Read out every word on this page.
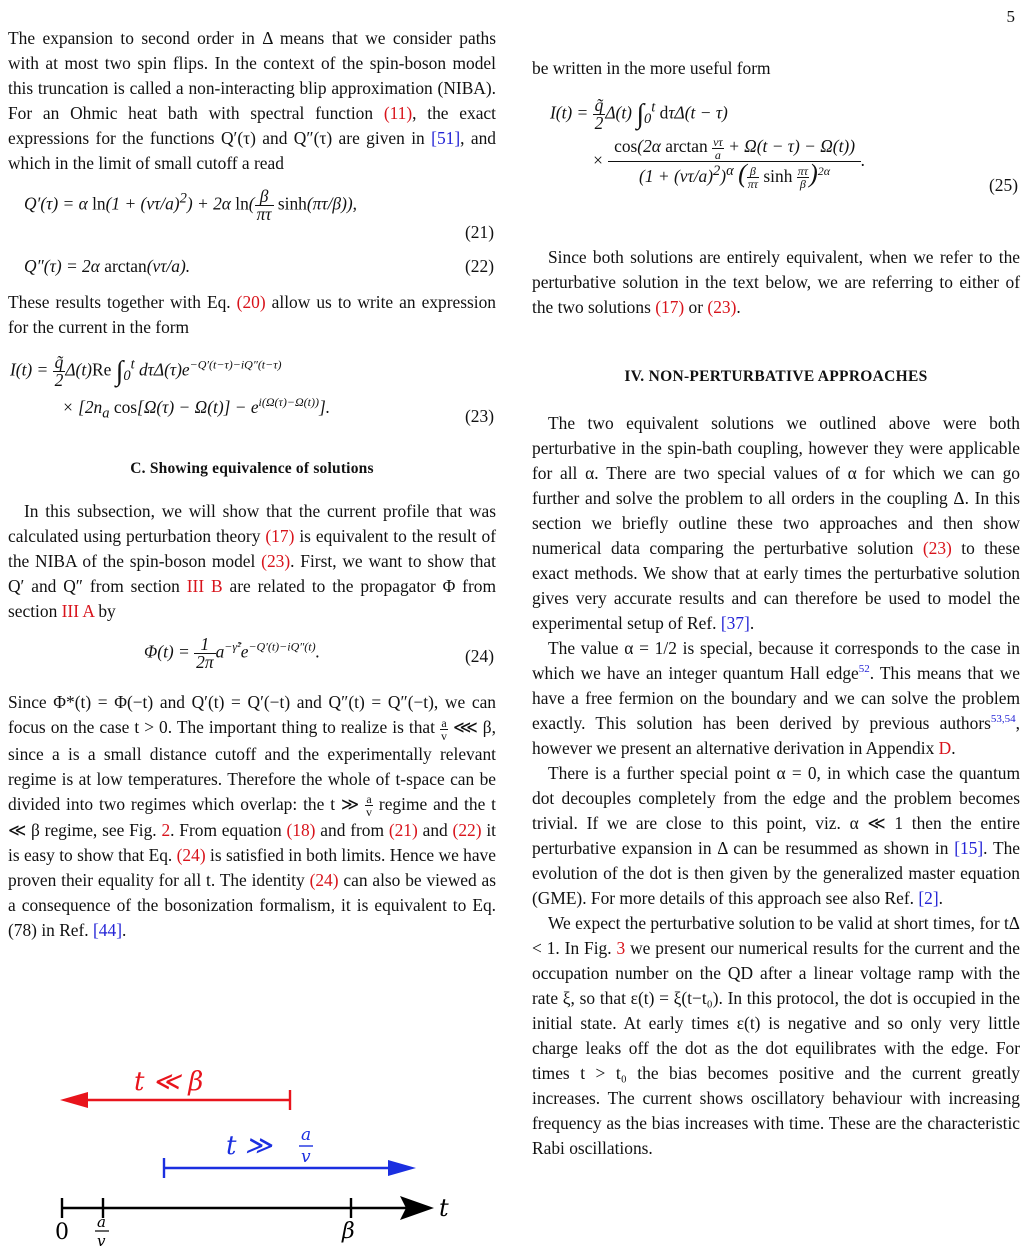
5

The expansion to second order in Δ means that we consider paths with at most two spin flips. In the context of the spin-boson model this truncation is called a non-interacting blip approximation (NIBA). For an Ohmic heat bath with spectral function (11), the exact expressions for the functions Q′(τ) and Q″(τ) are given in [51], and which in the limit of small cutoff a read

Q′(τ) = α $\ln(1 + (v\tau/a)^2) + 2\alpha$ $\ln( \frac{\beta}{\pi\tau} \sinh(\pi\tau/\beta))$,
(21)
Q″(τ) = 2α arctan(vτ/a).	(22)

These results together with Eq. (20) allow us to write an expression for the current in the form

$I(t) = \frac{q̃}{2} \Delta(t)Re$ $\int_0^t$ $d\tau\Delta(\tau)e^{-Q'(t-\tau)-iQ''(t-\tau)}$
× [$2n_a$ $\cos[\Omega(\tau) - \Omega(t)] - e^{i(\Omega(\tau)-\Omega(t))}$].	(23)
C. Showing equivalence of solutions

In this subsection, we will show that the current profile that was calculated using perturbation theory (17) is equivalent to the result of the NIBA of the spin-boson model (23). First, we want to show that Q′ and Q″ from section III B are related to the propagator Φ from section III A by

$\Phi(t) = \frac{1}{2\pi} a^{-\gammã^2}e^{-Q'(t)-iQ''(t)}$.	(24)

Since Φ*(t) = Φ(−t) and Q′(t) = Q′(−t) and Q″(t) = Q″(−t), we can focus on the case t > 0. The important thing to realize is that $\frac{a}{v}$ ⋘ β, since a is a small distance cutoff and the experimentally relevant regime is at low temperatures. Therefore the whole of t-space can be divided into two regimes which overlap: the t ≫ $\frac{a}{v}$ regime and the t ≪ β regime, see Fig. 2. From equation (18) and from (21) and (22) it is easy to show that Eq. (24) is satisfied in both limits. Hence we have proven their equality for all t. The identity (24) can also be viewed as a consequence of the bosonization formalism, it is equivalent to Eq. (78) in Ref. [44].

t ≪ β
t ≫ a
v
t
0 a
v	β

be written in the more useful form

$I(t) = \frac{q̃}{2} \Delta(t)$ $\int_0^t$ dτΔ(t − τ)
× $\frac{\cos(2\alpha \arctan \frac{v\tau}{a} + \Omega(t - \tau) - \Omega(t))}{(1 + (v\tau/a)^2)^\alpha ( \frac{\beta}{\pi\tau} \sinh \frac{\pi\tau}{\beta} )^{2\alpha}}$ .
(25)

Since both solutions are entirely equivalent, when we refer to the perturbative solution in the text below, we are referring to either of the two solutions (17) or (23).

IV. NON-PERTURBATIVE APPROACHES

The two equivalent solutions we outlined above were both perturbative in the spin-bath coupling, however they were applicable for all α. There are two special values of α for which we can go further and solve the problem to all orders in the coupling Δ. In this section we briefly outline these two approaches and then show numerical data comparing the perturbative solution (23) to these exact methods. We show that at early times the perturbative solution gives very accurate results and can therefore be used to model the experimental setup of Ref. [37].

The value α = 1/2 is special, because it corresponds to the case in which we have an integer quantum Hall edge$^{52}$. This means that we have a free fermion on the boundary and we can solve the problem exactly. This solution has been derived by previous authors$^{53,54}$, however we present an alternative derivation in Appendix D.

There is a further special point α = 0, in which case the quantum dot decouples completely from the edge and the problem becomes trivial. If we are close to this point, viz. α ≪ 1 then the entire perturbative expansion in Δ can be resummed as shown in [15]. The evolution of the dot is then given by the generalized master equation (GME). For more details of this approach see also Ref. [2].

We expect the perturbative solution to be valid at short times, for tΔ < 1. In Fig. 3 we present our numerical results for the current and the occupation number on the QD after a linear voltage ramp with the rate ξ, so that ε(t) = ξ(t−t₀). In this protocol, the dot is occupied in the initial state. At early times ε(t) is negative and so only very little charge leaks off the dot as the dot equilibrates with the edge. For times t > t₀ the bias becomes positive and the current greatly increases. The current shows oscillatory behaviour with increasing frequency as the bias increases with time. These are the characteristic Rabi oscillations.
